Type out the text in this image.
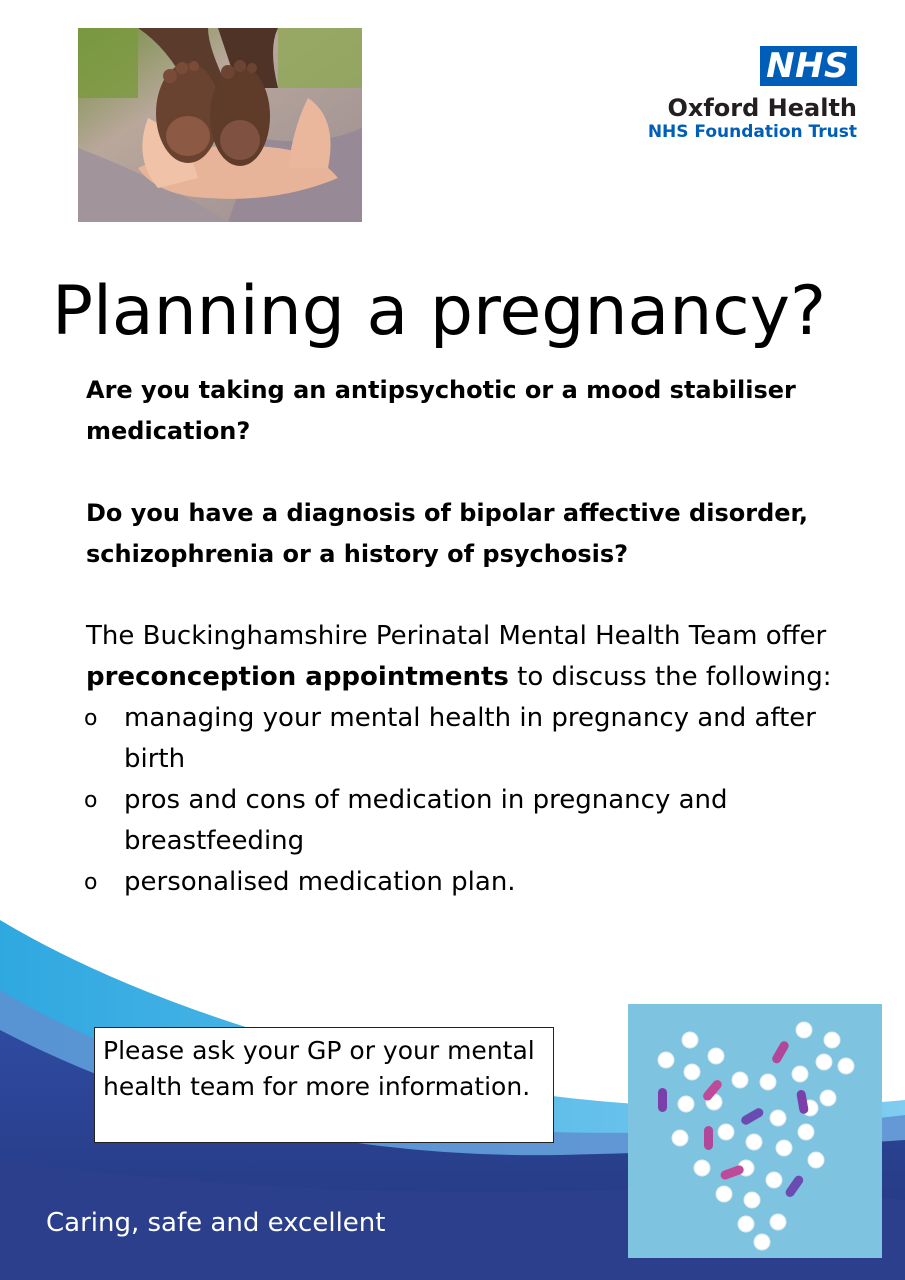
NHS
Oxford Health
NHS Foundation Trust
Planning a pregnancy?

Are you taking an antipsychotic or a mood stabiliser medication?

Do you have a diagnosis of bipolar affective disorder, schizophrenia or a history of psychosis?

The Buckinghamshire Perinatal Mental Health Team offer preconception appointments to discuss the following:

o managing your mental health in pregnancy and after birth
o pros and cons of medication in pregnancy and breastfeeding
o personalised medication plan.
Please ask your GP or your mental health team for more information.
Caring, safe and excellent
